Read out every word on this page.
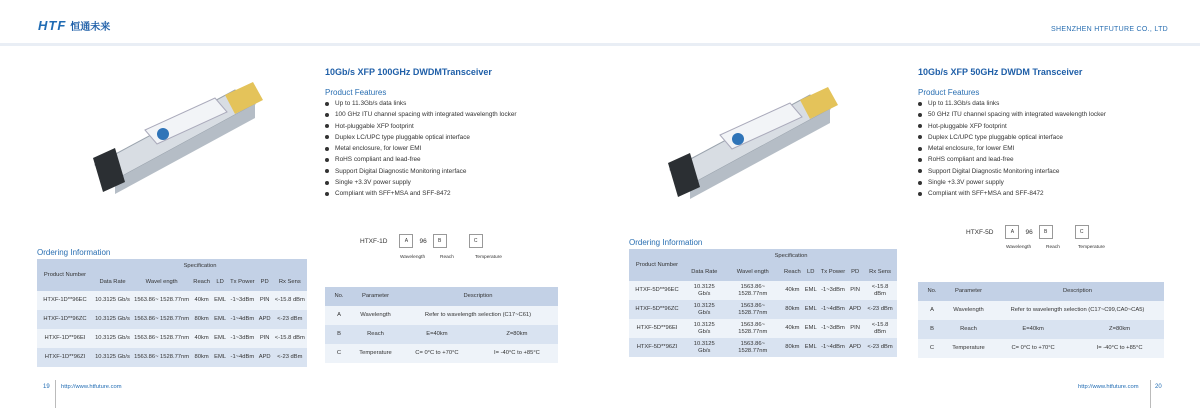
HTF 恒通未来	SHENZHEN HTFUTURE CO., LTD
10Gb/s XFP 100GHz DWDMTransceiver
Product Features
Up to 11.3Gb/s data links
100 GHz ITU channel spacing with integrated wavelength locker
Hot-pluggable XFP footprint
Duplex LC/UPC type pluggable optical interface
Metal enclosure, for lower EMI
RoHS compliant and lead-free
Support Digital Diagnostic Monitoring interface
Single +3.3V power supply
Compliant with SFF+MSA and SFF-8472
10Gb/s XFP 50GHz DWDM Transceiver
Product Features
Up to 11.3Gb/s data links
50 GHz ITU channel spacing with integrated wavelength locker
Hot-pluggable XFP footprint
Duplex LC/UPC type pluggable optical interface
Metal enclosure, for lower EMI
RoHS compliant and lead-free
Support Digital Diagnostic Monitoring interface
Single +3.3V power supply
Compliant with SFF+MSA and SFF-8472
HTXF-1D	A	96	B	C
Wavelength	Reach	Temperature
HTXF-5D	A	96	B	C
Wavelength	Reach	Temperature
Ordering Information
Product Number	Specification						
	Data Rate	Wavel ength	Reach	LD	Tx Power	PD	Rx Sens
HTXF-1D**96EC	10.3125 Gb/s	1563.86~ 1528.77nm	40km	EML	-1~3dBm	PIN	<-15.8 dBm
HTXF-1D**96ZC	10.3125 Gb/s	1563.86~ 1528.77nm	80km	EML	-1~4dBm	APD	<-23 dBm
HTXF-1D**96EI	10.3125 Gb/s	1563.86~ 1528.77nm	40km	EML	-1~3dBm	PIN	<-15.8 dBm
HTXF-1D**96ZI	10.3125 Gb/s	1563.86~ 1528.77nm	80km	EML	-1~4dBm	APD	<-23 dBm
Ordering Information
Product Number	Specification						
	Data Rate	Wavel ength	Reach	LD	Tx Power	PD	Rx Sens
HTXF-5D**96EC	10.3125 Gb/s	1563.86~ 1528.77nm	40km	EML	-1~3dBm	PIN	<-15.8 dBm
HTXF-5D**96ZC	10.3125 Gb/s	1563.86~ 1528.77nm	80km	EML	-1~4dBm	APD	<-23 dBm
HTXF-5D**96EI	10.3125 Gb/s	1563.86~ 1528.77nm	40km	EML	-1~3dBm	PIN	<-15.8 dBm
HTXF-5D**96ZI	10.3125 Gb/s	1563.86~ 1528.77nm	80km	EML	-1~4dBm	APD	<-23 dBm
No.	Parameter	Description	
A	Wavelength	Refer to wavelength selection (C17~C61)	
B	Reach	E=40km	Z=80km
C	Temperature	C= 0°C to +70°C	I= -40°C to +85°C
No.	Parameter	Description	
A	Wavelength	Refer to wavelength selection (C17~C99,CA0~CA5)	
B	Reach	E=40km	Z=80km
C	Temperature	C= 0°C to +70°C	I= -40°C to +85°C
19 http://www.htfuture.com	http://www.htfuture.com	20
